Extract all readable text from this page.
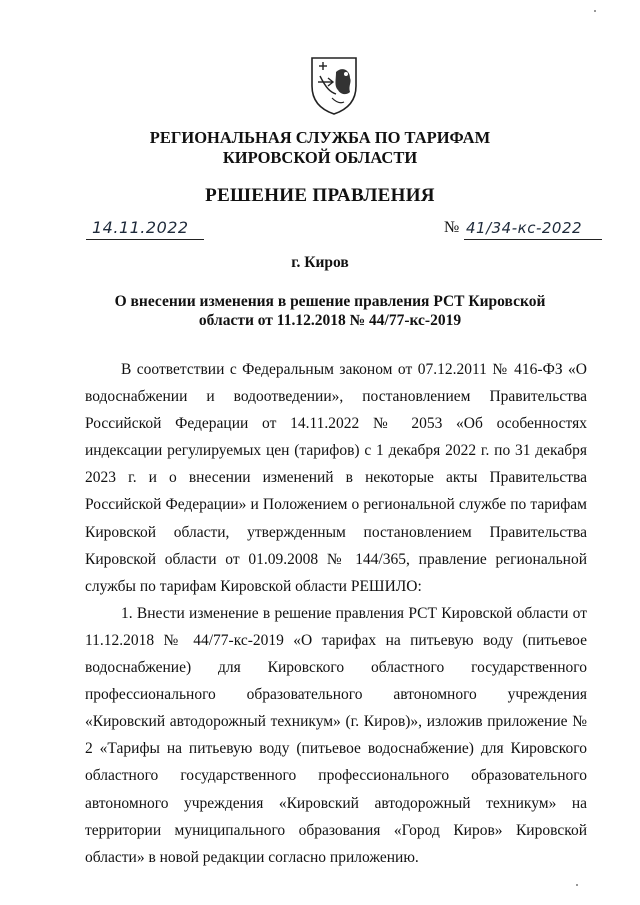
РЕГИОНАЛЬНАЯ СЛУЖБА ПО ТАРИФАМ
КИРОВСКОЙ ОБЛАСТИ
РЕШЕНИЕ ПРАВЛЕНИЯ
14.11.2022	№ 41/34-кс-2022
г. Киров
О внесении изменения в решение правления РСТ Кировской
области от 11.12.2018 № 44/77-кс-2019

В соответствии с Федеральным законом от 07.12.2011 № 416-ФЗ «О водоснабжении и водоотведении», постановлением Правительства Российской Федерации от 14.11.2022 № 2053 «Об особенностях индексации регулируемых цен (тарифов) с 1 декабря 2022 г. по 31 декабря 2023 г. и о внесении изменений в некоторые акты Правительства Российской Федерации» и Положением о региональной службе по тарифам Кировской области, утвержденным постановлением Правительства Кировской области от 01.09.2008 № 144/365, правление региональной службы по тарифам Кировской области РЕШИЛО:

1. Внести изменение в решение правления РСТ Кировской области от 11.12.2018 № 44/77-кс-2019 «О тарифах на питьевую воду (питьевое водоснабжение) для Кировского областного государственного профессионального образовательного автономного учреждения «Кировский автодорожный техникум» (г. Киров)», изложив приложение № 2 «Тарифы на питьевую воду (питьевое водоснабжение) для Кировского областного государственного профессионального образовательного автономного учреждения «Кировский автодорожный техникум» на территории муниципального образования «Город Киров» Кировской области» в новой редакции согласно приложению.
